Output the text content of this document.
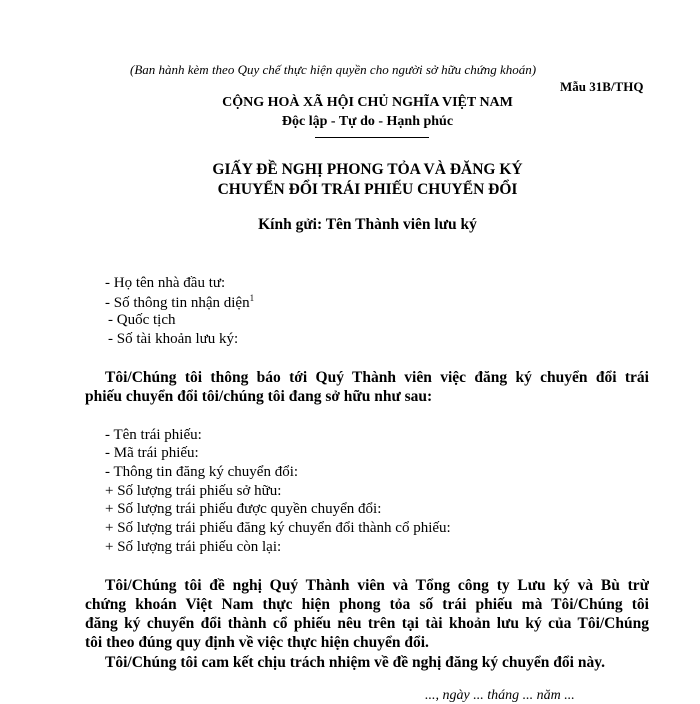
(Ban hành kèm theo Quy chế thực hiện quyền cho người sở hữu chứng khoán)
Mẫu 31B/THQ
CỘNG HOÀ XÃ HỘI CHỦ NGHĨA VIỆT NAM
Độc lập - Tự do - Hạnh phúc
GIẤY ĐỀ NGHỊ PHONG TỎA VÀ ĐĂNG KÝ
CHUYỂN ĐỔI TRÁI PHIẾU CHUYỂN ĐỔI
Kính gửi: Tên Thành viên lưu ký
- Họ tên nhà đầu tư:
- Số thông tin nhận diện$^1$
- Quốc tịch
- Số tài khoản lưu ký:
Tôi/Chúng tôi thông báo tới Quý Thành viên việc đăng ký chuyển đổi trái
phiếu chuyển đổi tôi/chúng tôi đang sở hữu như sau:
- Tên trái phiếu:
- Mã trái phiếu:
- Thông tin đăng ký chuyển đổi:
+ Số lượng trái phiếu sở hữu:
+ Số lượng trái phiếu được quyền chuyển đổi:
+ Số lượng trái phiếu đăng ký chuyển đổi thành cổ phiếu:
+ Số lượng trái phiếu còn lại:
Tôi/Chúng tôi đề nghị Quý Thành viên và Tổng công ty Lưu ký và Bù trừ
chứng khoán Việt Nam thực hiện phong tỏa số trái phiếu mà Tôi/Chúng tôi
đăng ký chuyển đổi thành cổ phiếu nêu trên tại tài khoản lưu ký của Tôi/Chúng
tôi theo đúng quy định về việc thực hiện chuyển đổi.
Tôi/Chúng tôi cam kết chịu trách nhiệm về đề nghị đăng ký chuyển đổi này.
..., ngày ... tháng ... năm ...
